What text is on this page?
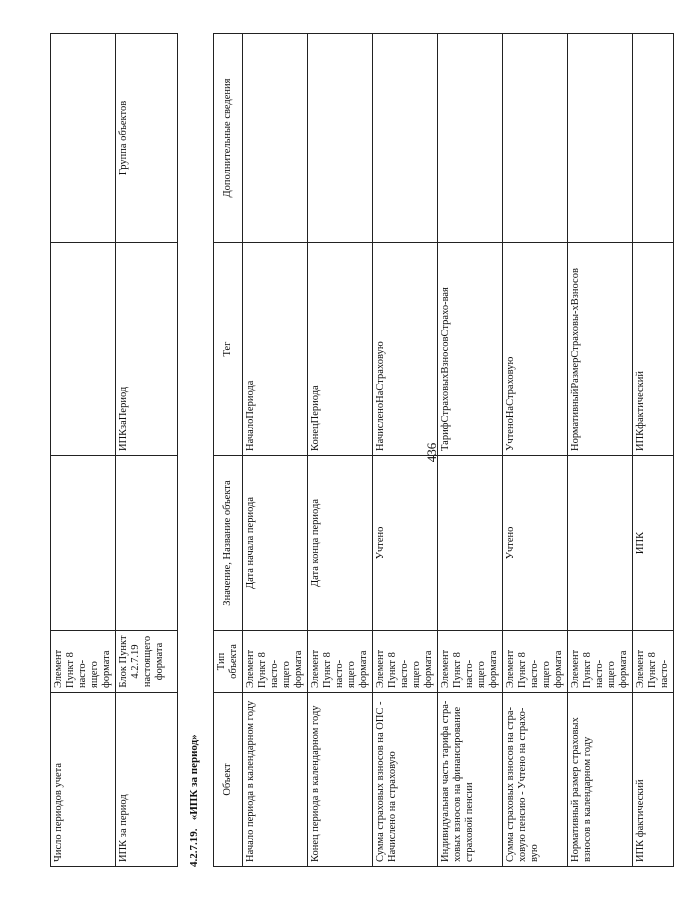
436
Число периодов учета	Элемент Пункт 8 насто-ящего формата			
ИПК за период	Блок Пункт 4.2.7.19 настоящего формата		ИПКзаПериод	Группа объектов
4.2.7.19.   «ИПК за период» Объект	Тип объекта	Значение, Название объекта	Тег	Дополнительные сведения
Начало периода в календарном году	Элемент Пункт 8 насто-ящего формата	Дата начала периода	НачалоПериода	
Конец периода в календарном году	Элемент Пункт 8 насто-ящего формата	Дата конца периода	КонецПериода	
Сумма страховых взносов на ОПС - Начислено на страховую	Элемент Пункт 8 насто-ящего формата	Учтено	НачисленоНаСтраховую	
Индивидуальная часть тарифа стра-ховых взносов на финансирование страховой пенсии	Элемент Пункт 8 насто-ящего формата		ТарифСтраховыхВзносовСтрахо-вая	
Сумма страховых взносов на стра-ховую пенсию - Учтено на страхо-вую	Элемент Пункт 8 насто-ящего формата	Учтено	УчтеноНаСтраховую	
Нормативный размер страховых взносов в календарном году	Элемент Пункт 8 насто-ящего формата		НормативныйРазмерСтраховы-хВзносов	
ИПК фактический	Элемент Пункт 8 насто-	ИПК	ИПКфактический	
